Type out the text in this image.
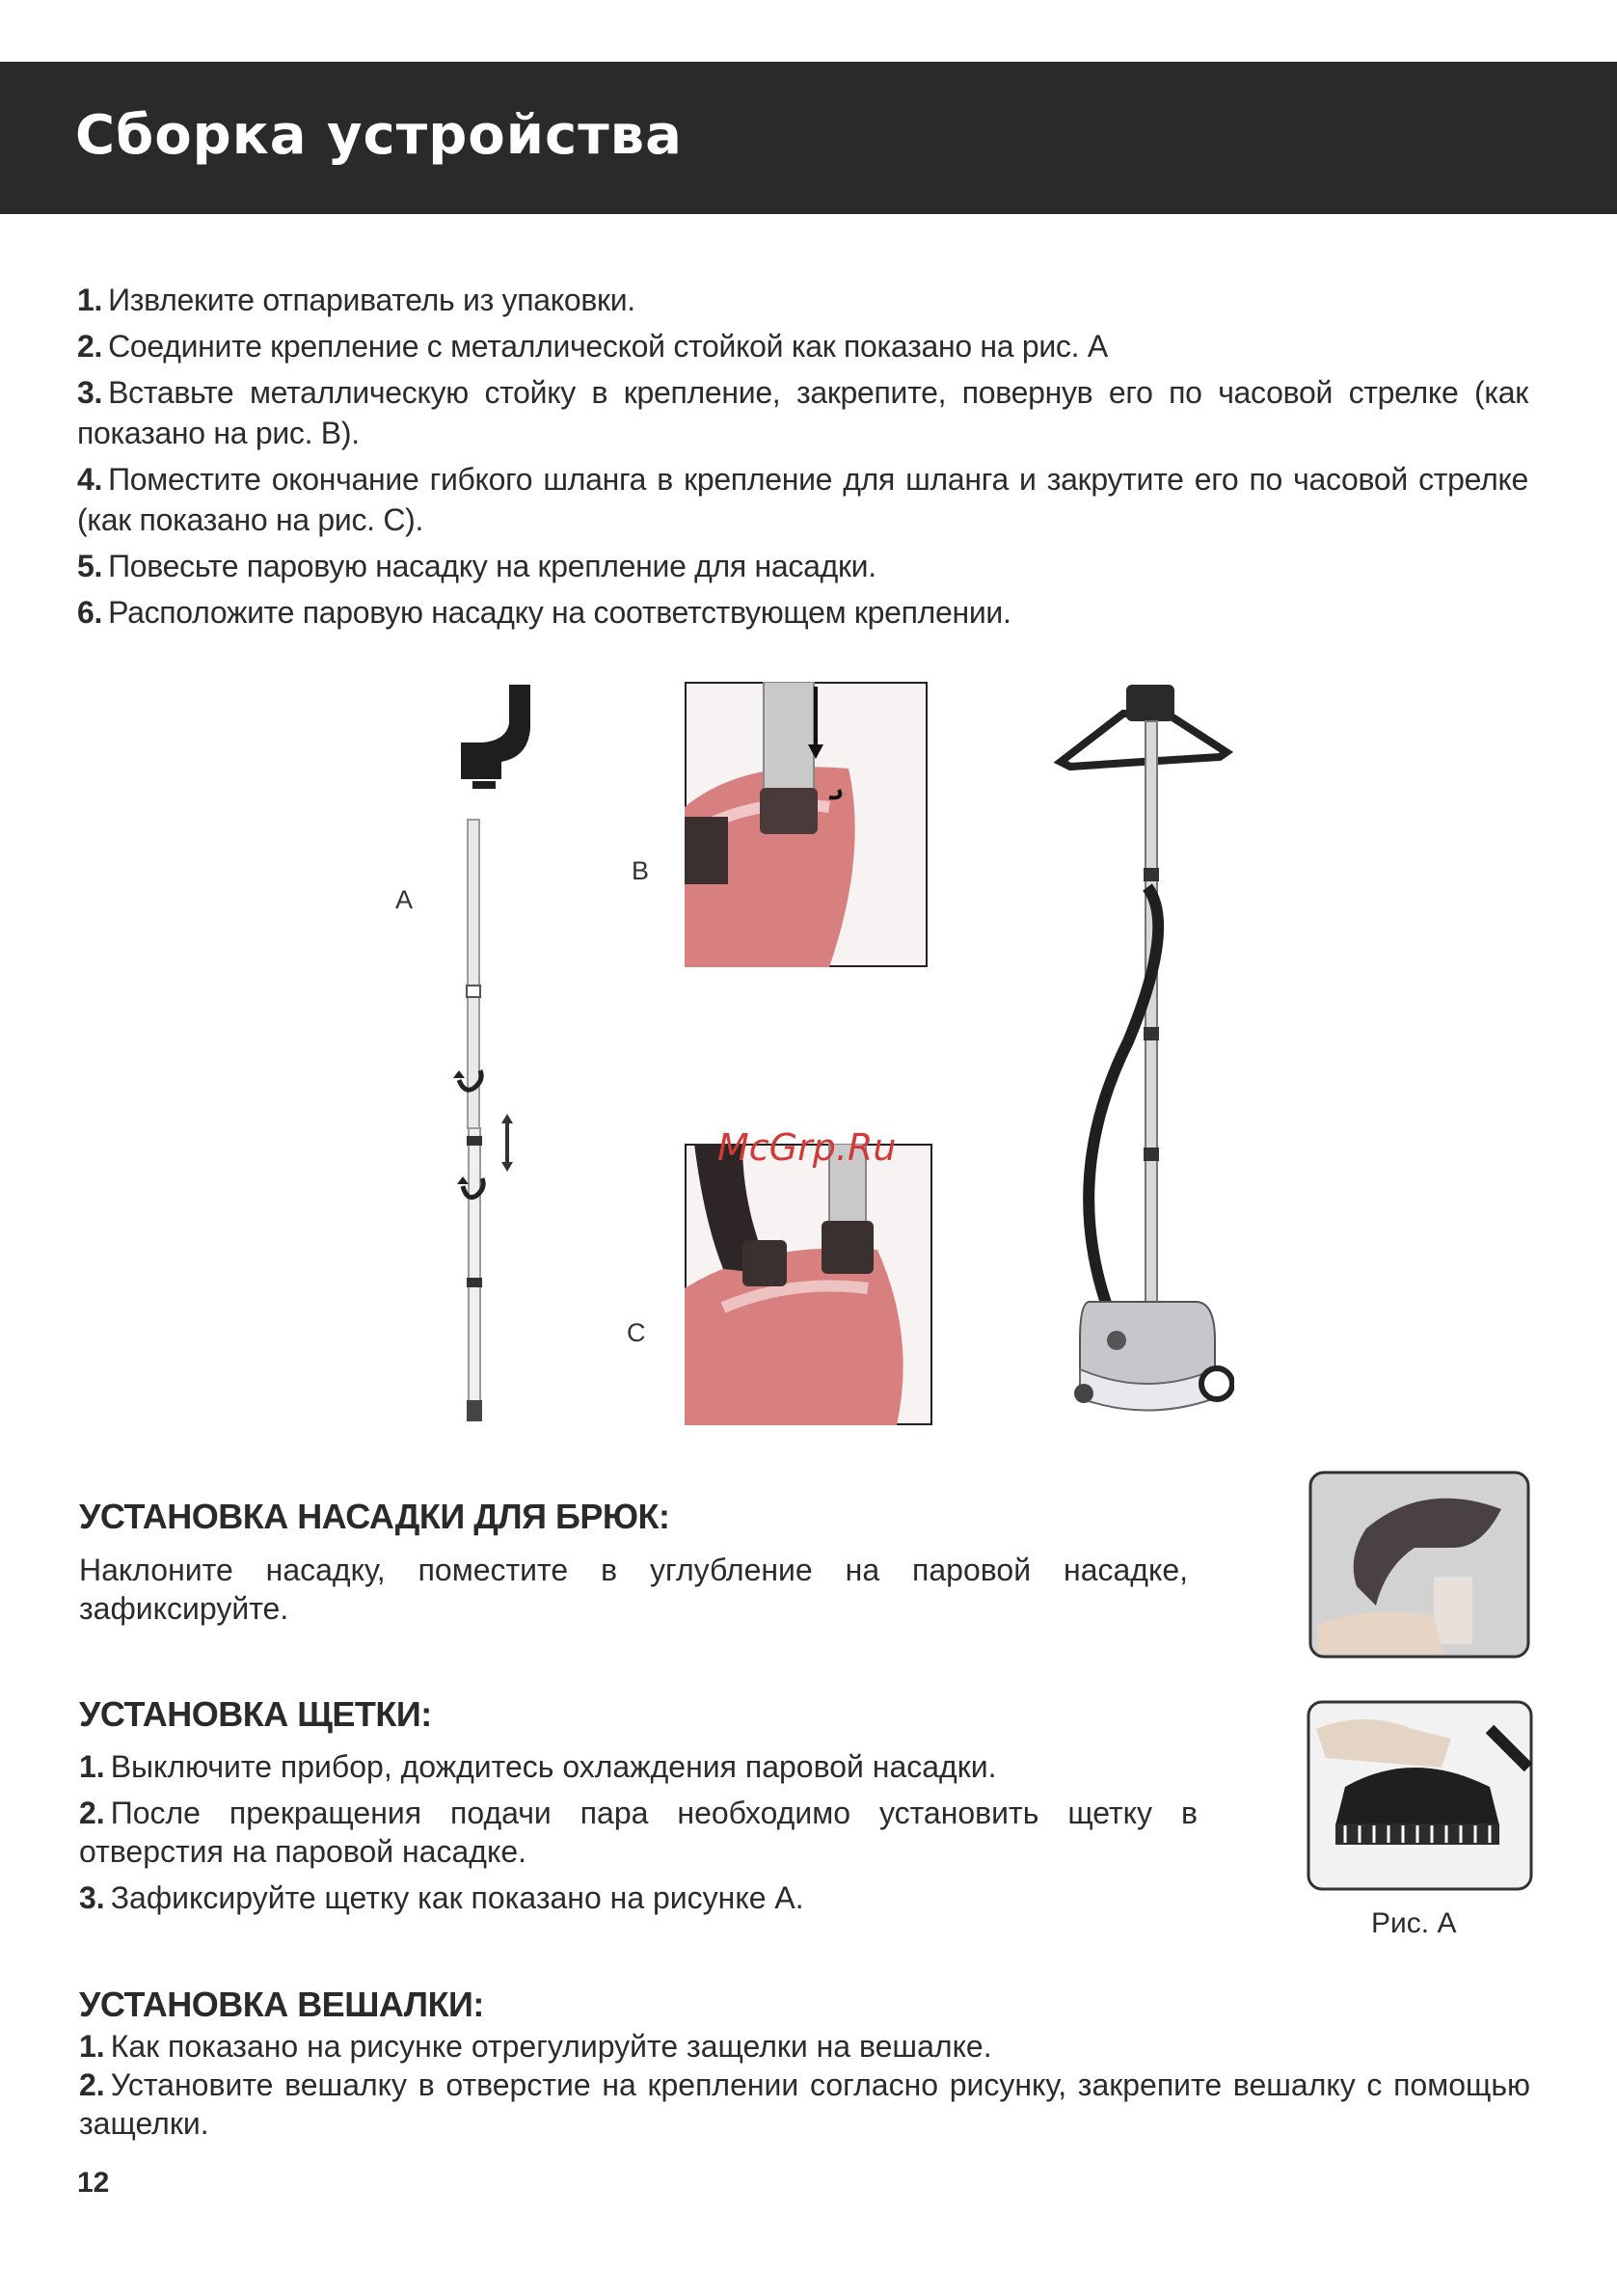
Сборка устройства

1. Извлеките отпариватель из упаковки.

2. Соедините крепление с металлической стойкой как показано на рис. А

3. Вставьте металлическую стойку в крепление, закрепите, повернув его по часовой стрелке (как показано на рис. В).

4. Поместите окончание гибкого шланга в крепление для шланга и закрутите его по часовой стрелке (как показано на рис. С).

5. Повесьте паровую насадку на крепление для насадки.

6. Расположите паровую насадку на соответствующем креплении.

A
B
C
McGrp.Ru
УСТАНОВКА НАСАДКИ ДЛЯ БРЮК:

Наклоните насадку, поместите в углубление на паровой насадке, зафиксируйте.

УСТАНОВКА ЩЕТКИ:

1. Выключите прибор, дождитесь охлаждения паровой насадки.

2. После прекращения подачи пара необходимо установить щетку в отверстия на паровой насадке.

3. Зафиксируйте щетку как показано на рисунке А.

Рис. А
УСТАНОВКА ВЕШАЛКИ:

1. Как показано на рисунке отрегулируйте защелки на вешалке.

2. Установите вешалку в отверстие на креплении согласно рисунку, закрепите вешалку с помощью защелки.

12
